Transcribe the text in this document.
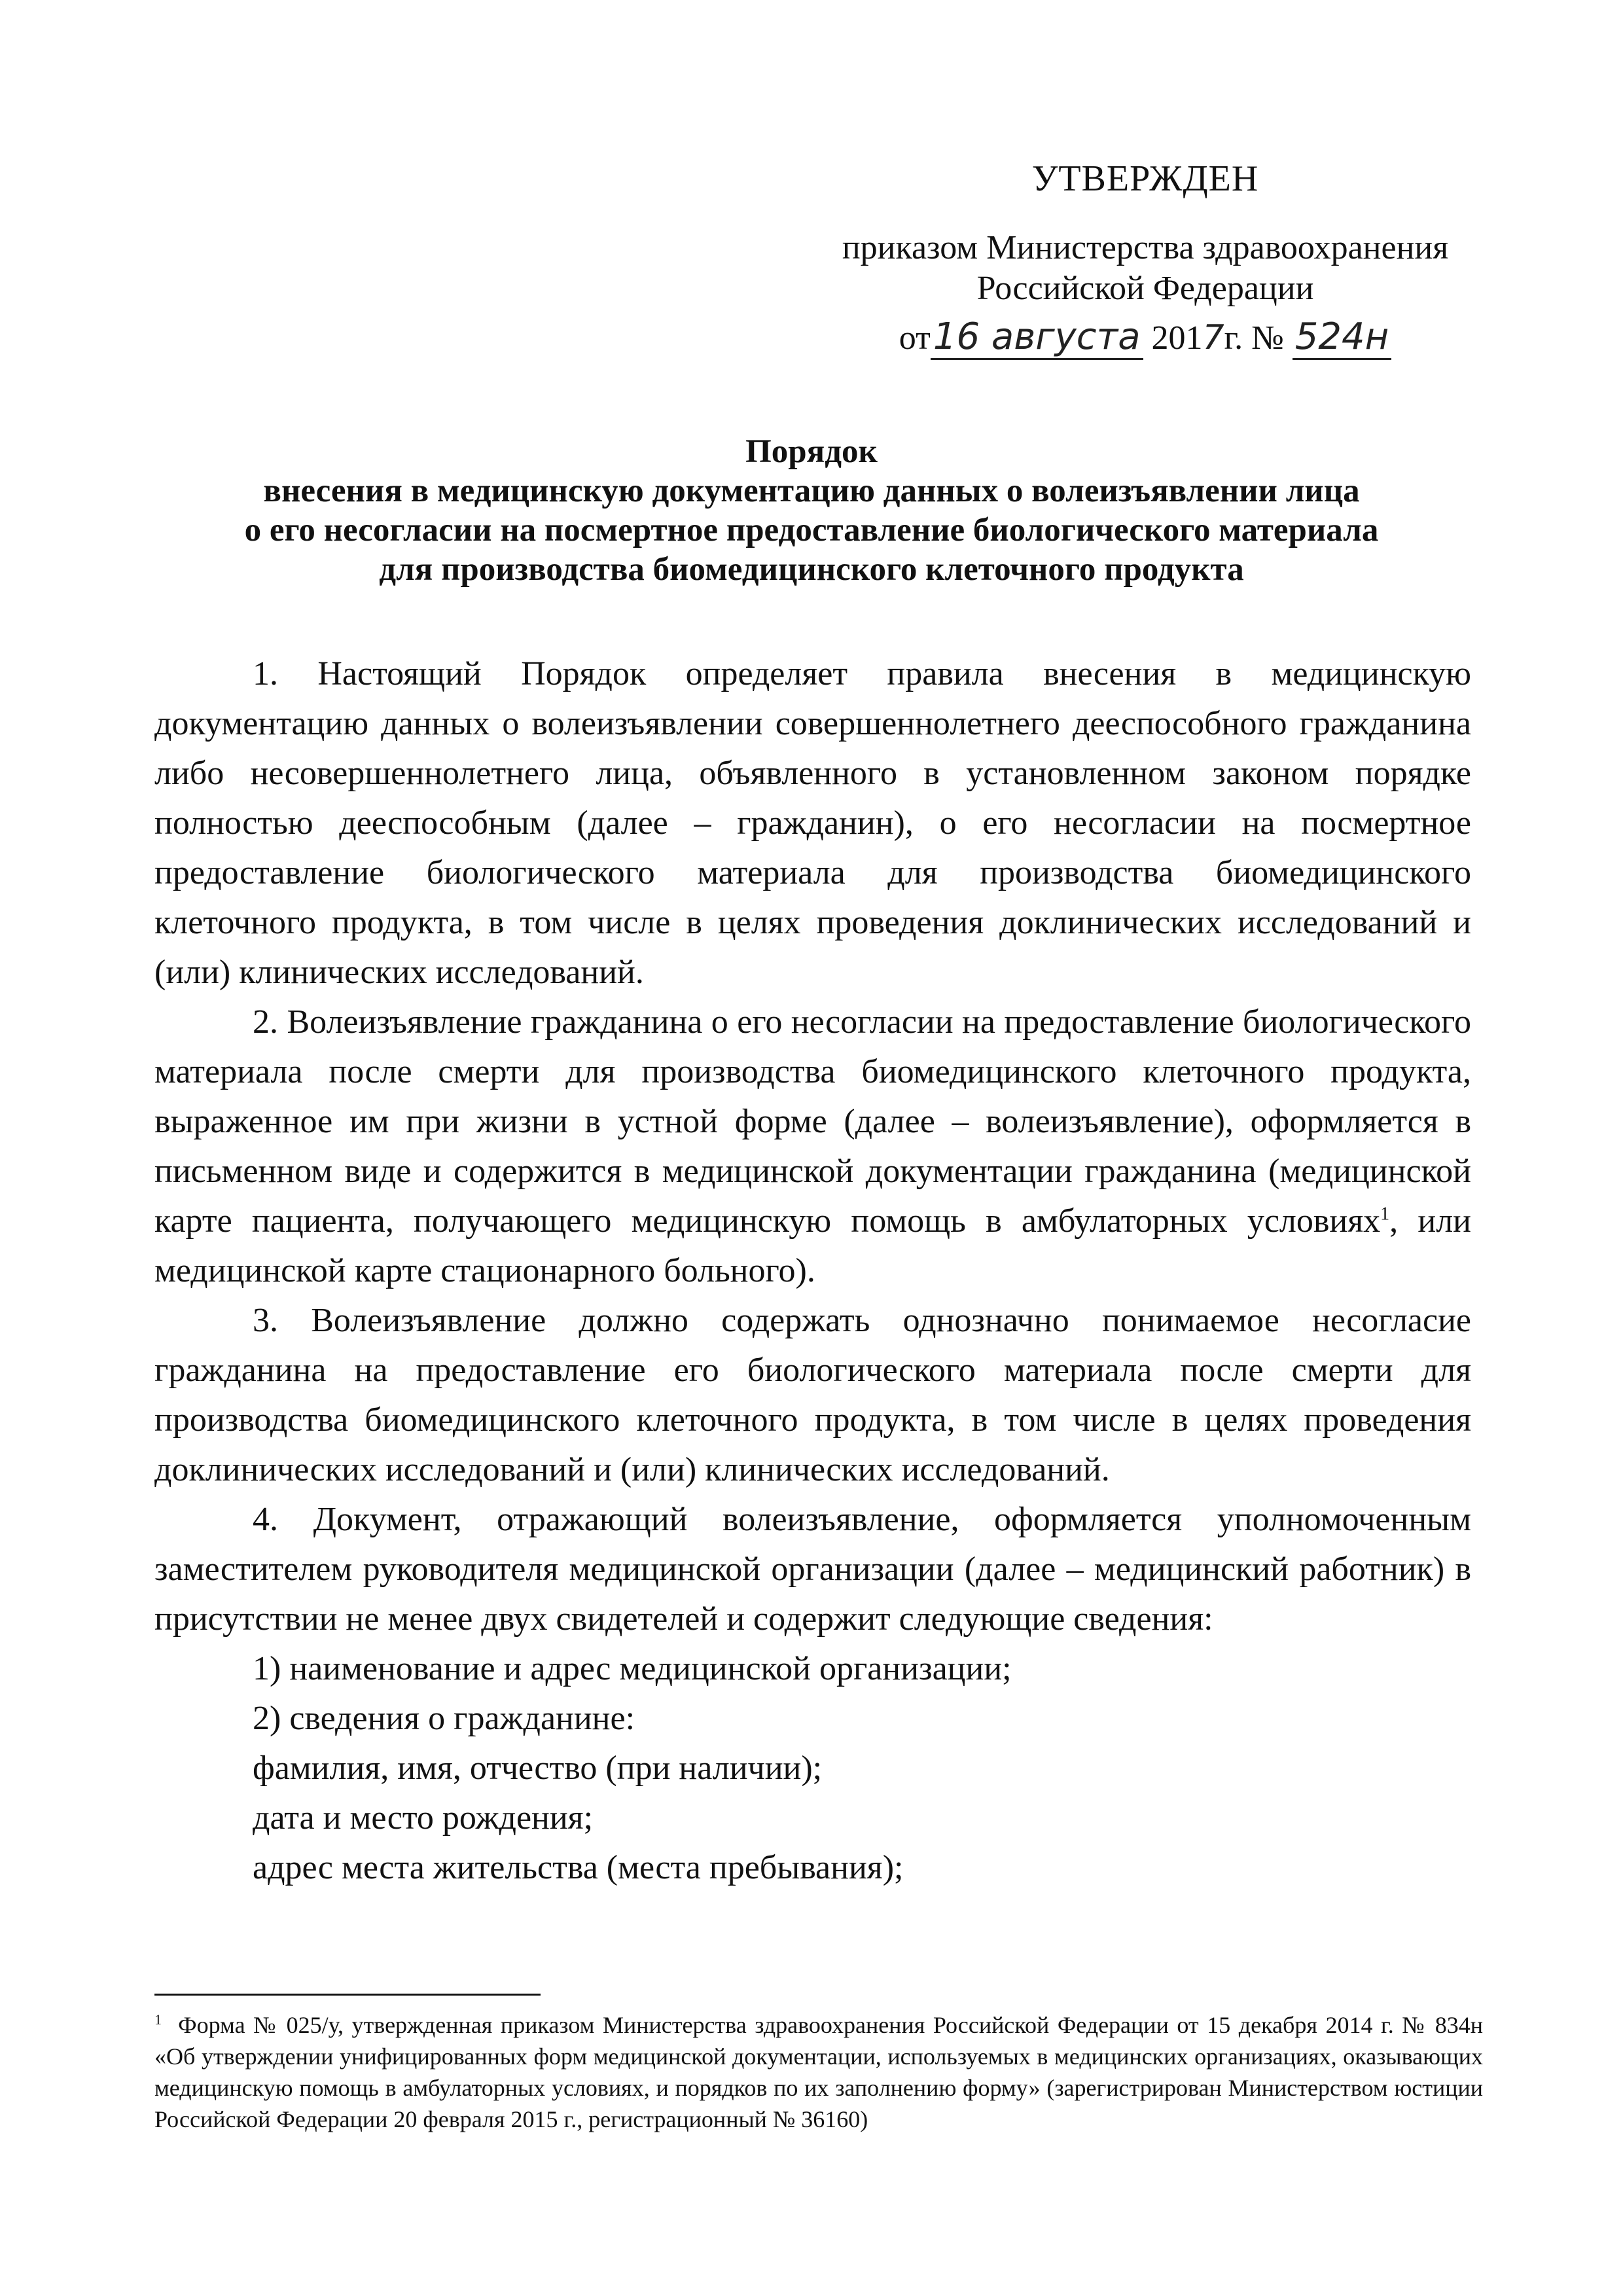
УТВЕРЖДЕН
приказом Министерства здравоохранения
Российской Федерации
от16 августа 2017г. № 524н
Порядок
внесения в медицинскую документацию данных о волеизъявлении лица
о его несогласии на посмертное предоставление биологического материала
для производства биомедицинского клеточного продукта

1. Настоящий Порядок определяет правила внесения в медицинскую документацию данных о волеизъявлении совершеннолетнего дееспособного гражданина либо несовершеннолетнего лица, объявленного в установленном законом порядке полностью дееспособным (далее – гражданин), о его несогласии на посмертное предоставление биологического материала для производства биомедицинского клеточного продукта, в том числе в целях проведения доклинических исследований и (или) клинических исследований.

2. Волеизъявление гражданина о его несогласии на предоставление биологического материала после смерти для производства биомедицинского клеточного продукта, выраженное им при жизни в устной форме (далее – волеизъявление), оформляется в письменном виде и содержится в медицинской документации гражданина (медицинской карте пациента, получающего медицинскую помощь в амбулаторных условиях$^1$, или медицинской карте стационарного больного).

3. Волеизъявление должно содержать однозначно понимаемое несогласие гражданина на предоставление его биологического материала после смерти для производства биомедицинского клеточного продукта, в том числе в целях проведения доклинических исследований и (или) клинических исследований.

4. Документ, отражающий волеизъявление, оформляется уполномоченным заместителем руководителя медицинской организации (далее – медицинский работник) в присутствии не менее двух свидетелей и содержит следующие сведения:

1) наименование и адрес медицинской организации;

2) сведения о гражданине:

фамилия, имя, отчество (при наличии);

дата и место рождения;

адрес места жительства (места пребывания);

$^1$ Форма № 025/у, утвержденная приказом Министерства здравоохранения Российской Федерации от 15 декабря 2014 г. № 834н «Об утверждении унифицированных форм медицинской документации, используемых в медицинских организациях, оказывающих медицинскую помощь в амбулаторных условиях, и порядков по их заполнению форму» (зарегистрирован Министерством юстиции Российской Федерации 20 февраля 2015 г., регистрационный № 36160)
